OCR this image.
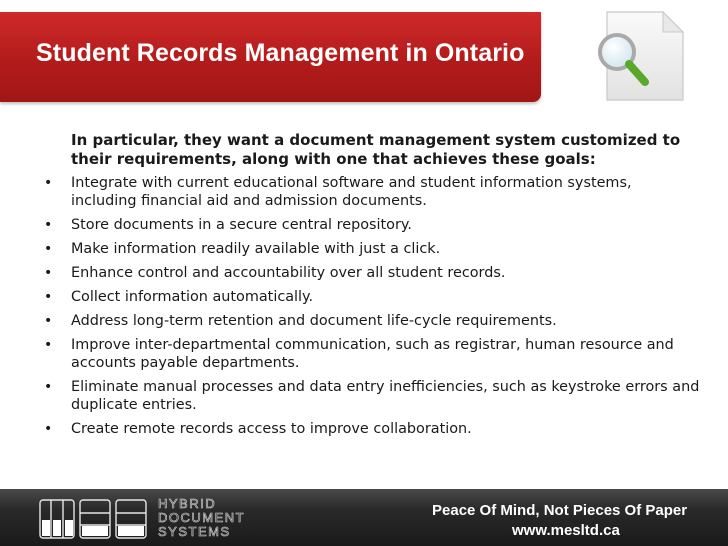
Student Records Management in Ontario
In particular, they want a document management system customized to their requirements, along with one that achieves these goals:
• Integrate with current educational software and student information systems, including financial aid and admission documents.
• Store documents in a secure central repository.
• Make information readily available with just a click.
• Enhance control and accountability over all student records.
• Collect information automatically.
• Address long-term retention and document life-cycle requirements.
• Improve inter-departmental communication, such as registrar, human resource and accounts payable departments.
• Eliminate manual processes and data entry inefficiencies, such as keystroke errors and duplicate entries.
• Create remote records access to improve collaboration.
HYBRID
DOCUMENT
SYSTEMS
Peace Of Mind, Not Pieces Of Paper
www.mesltd.ca
